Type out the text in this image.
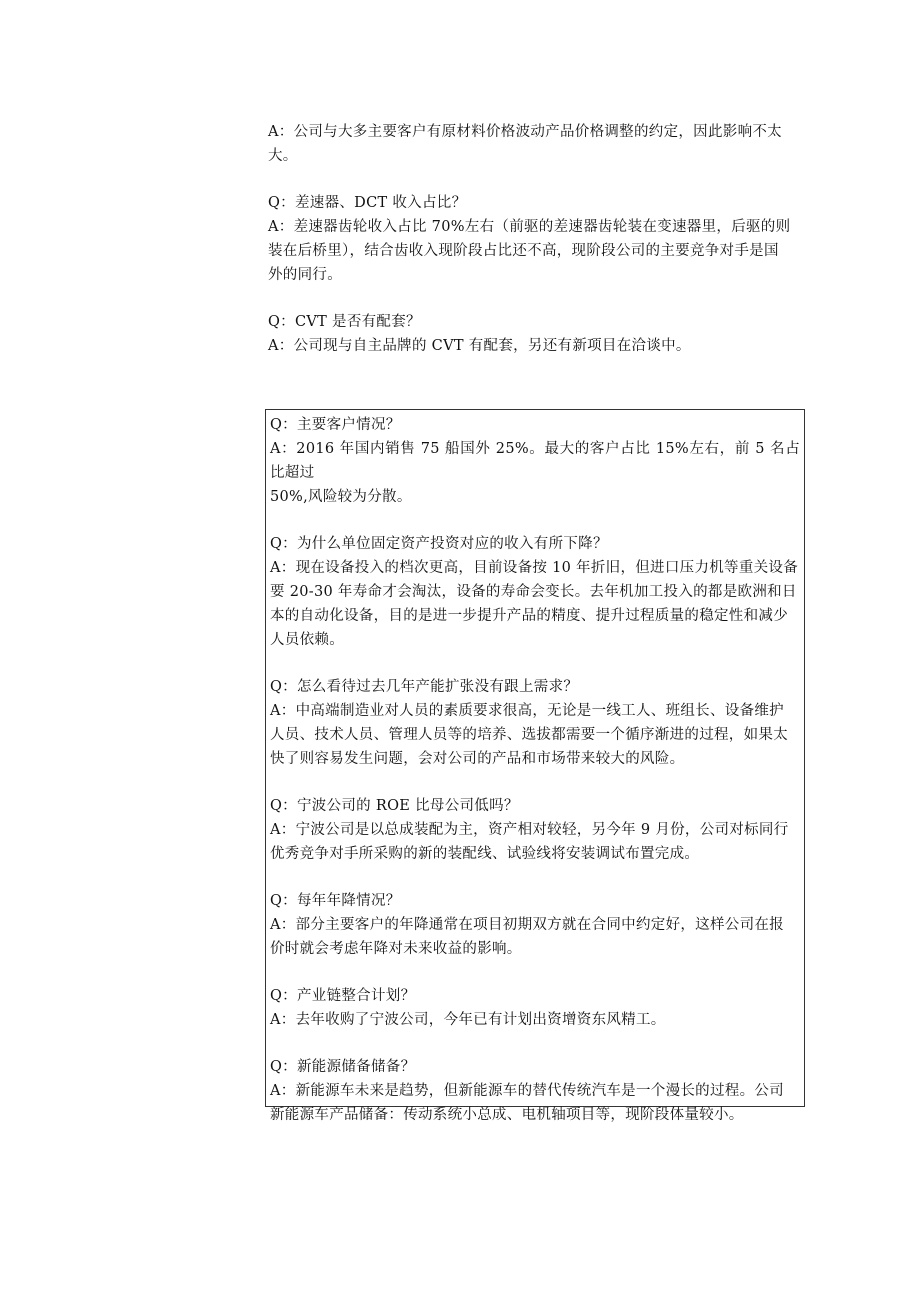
A：公司与大多主要客户有原材料价格波动产品价格调整的约定，因此影响不太

大。

Q：差速器、DCT 收入占比？

A：差速器齿轮收入占比 70%左右（前驱的差速器齿轮装在变速器里，后驱的则

装在后桥里），结合齿收入现阶段占比还不高，现阶段公司的主要竞争对手是国

外的同行。

Q：CVT 是否有配套？

A：公司现与自主品牌的 CVT 有配套，另还有新项目在洽谈中。

Q：主要客户情况？

A：2016 年国内销售 75 船国外 25%。最大的客户占比 15%左右，前 5 名占比超过

50%,风险较为分散。

Q：为什么单位固定资产投资对应的收入有所下降？

A：现在设备投入的档次更高，目前设备按 10 年折旧，但进口压力机等重关设备

要 20-30 年寿命才会淘汰，设备的寿命会变长。去年机加工投入的都是欧洲和日

本的自动化设备，目的是进一步提升产品的精度、提升过程质量的稳定性和减少

人员依赖。

Q：怎么看待过去几年产能扩张没有跟上需求？

A：中高端制造业对人员的素质要求很高，无论是一线工人、班组长、设备维护

人员、技术人员、管理人员等的培养、选拔都需要一个循序渐进的过程，如果太

快了则容易发生问题，会对公司的产品和市场带来较大的风险。

Q：宁波公司的 ROE 比母公司低吗？

A：宁波公司是以总成装配为主，资产相对较轻，另今年 9 月份，公司对标同行

优秀竞争对手所采购的新的装配线、试验线将安装调试布置完成。

Q：每年年降情况？

A：部分主要客户的年降通常在项目初期双方就在合同中约定好，这样公司在报

价时就会考虑年降对未来收益的影响。

Q：产业链整合计划？

A：去年收购了宁波公司，今年已有计划出资增资东风精工。

Q：新能源储备储备？

A：新能源车未来是趋势，但新能源车的替代传统汽车是一个漫长的过程。公司

新能源车产品储备：传动系统小总成、电机轴项目等，现阶段体量较小。
